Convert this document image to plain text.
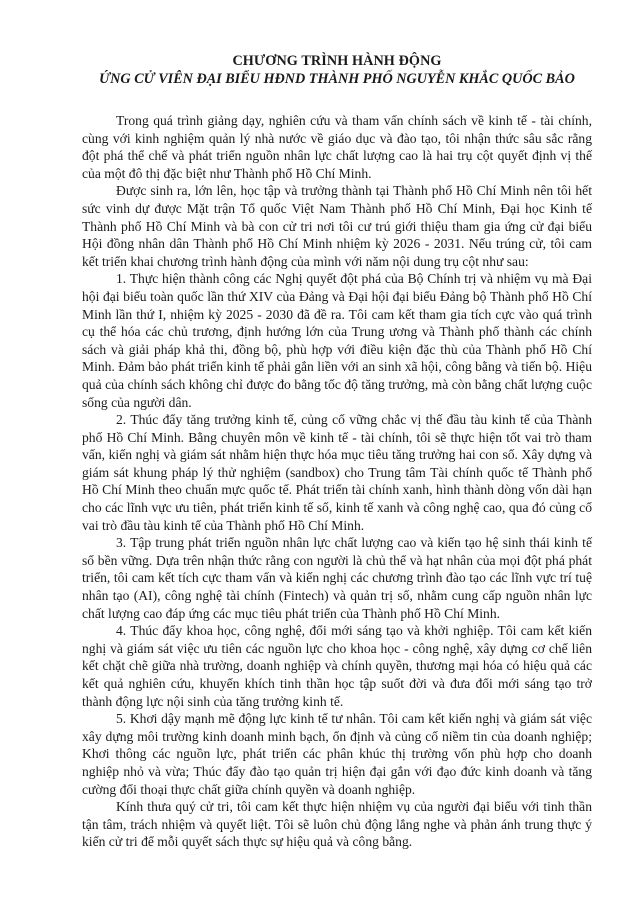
CHƯƠNG TRÌNH HÀNH ĐỘNG
ỨNG CỬ VIÊN ĐẠI BIỂU HĐND THÀNH PHỐ NGUYỄN KHẮC QUỐC BẢO

Trong quá trình giảng dạy, nghiên cứu và tham vấn chính sách về kinh tế - tài chính, cùng với kinh nghiệm quản lý nhà nước về giáo dục và đào tạo, tôi nhận thức sâu sắc rằng đột phá thể chế và phát triển nguồn nhân lực chất lượng cao là hai trụ cột quyết định vị thế của một đô thị đặc biệt như Thành phố Hồ Chí Minh.

Được sinh ra, lớn lên, học tập và trưởng thành tại Thành phố Hồ Chí Minh nên tôi hết sức vinh dự được Mặt trận Tổ quốc Việt Nam Thành phố Hồ Chí Minh, Đại học Kinh tế Thành phố Hồ Chí Minh và bà con cử tri nơi tôi cư trú giới thiệu tham gia ứng cử đại biểu Hội đồng nhân dân Thành phố Hồ Chí Minh nhiệm kỳ 2026 - 2031. Nếu trúng cử, tôi cam kết triển khai chương trình hành động của mình với năm nội dung trụ cột như sau:

1. Thực hiện thành công các Nghị quyết đột phá của Bộ Chính trị và nhiệm vụ mà Đại hội đại biểu toàn quốc lần thứ XIV của Đảng và Đại hội đại biểu Đảng bộ Thành phố Hồ Chí Minh lần thứ I, nhiệm kỳ 2025 - 2030 đã đề ra. Tôi cam kết tham gia tích cực vào quá trình cụ thể hóa các chủ trương, định hướng lớn của Trung ương và Thành phố thành các chính sách và giải pháp khả thi, đồng bộ, phù hợp với điều kiện đặc thù của Thành phố Hồ Chí Minh. Đảm bảo phát triển kinh tế phải gắn liền với an sinh xã hội, công bằng và tiến bộ. Hiệu quả của chính sách không chỉ được đo bằng tốc độ tăng trưởng, mà còn bằng chất lượng cuộc sống của người dân.

2. Thúc đẩy tăng trưởng kinh tế, củng cố vững chắc vị thế đầu tàu kinh tế của Thành phố Hồ Chí Minh. Bằng chuyên môn về kinh tế - tài chính, tôi sẽ thực hiện tốt vai trò tham vấn, kiến nghị và giám sát nhằm hiện thực hóa mục tiêu tăng trưởng hai con số. Xây dựng và giám sát khung pháp lý thử nghiệm (sandbox) cho Trung tâm Tài chính quốc tế Thành phố Hồ Chí Minh theo chuẩn mực quốc tế. Phát triển tài chính xanh, hình thành dòng vốn dài hạn cho các lĩnh vực ưu tiên, phát triển kinh tế số, kinh tế xanh và công nghệ cao, qua đó củng cố vai trò đầu tàu kinh tế của Thành phố Hồ Chí Minh.

3. Tập trung phát triển nguồn nhân lực chất lượng cao và kiến tạo hệ sinh thái kinh tế số bền vững. Dựa trên nhận thức rằng con người là chủ thể và hạt nhân của mọi đột phá phát triển, tôi cam kết tích cực tham vấn và kiến nghị các chương trình đào tạo các lĩnh vực trí tuệ nhân tạo (AI), công nghệ tài chính (Fintech) và quản trị số, nhằm cung cấp nguồn nhân lực chất lượng cao đáp ứng các mục tiêu phát triển của Thành phố Hồ Chí Minh.

4. Thúc đẩy khoa học, công nghệ, đổi mới sáng tạo và khởi nghiệp. Tôi cam kết kiến nghị và giám sát việc ưu tiên các nguồn lực cho khoa học - công nghệ, xây dựng cơ chế liên kết chặt chẽ giữa nhà trường, doanh nghiệp và chính quyền, thương mại hóa có hiệu quả các kết quả nghiên cứu, khuyến khích tinh thần học tập suốt đời và đưa đổi mới sáng tạo trở thành động lực nội sinh của tăng trưởng kinh tế.

5. Khơi dậy mạnh mẽ động lực kinh tế tư nhân. Tôi cam kết kiến nghị và giám sát việc xây dựng môi trường kinh doanh minh bạch, ổn định và củng cố niềm tin của doanh nghiệp; Khơi thông các nguồn lực, phát triển các phân khúc thị trường vốn phù hợp cho doanh nghiệp nhỏ và vừa; Thúc đẩy đào tạo quản trị hiện đại gắn với đạo đức kinh doanh và tăng cường đối thoại thực chất giữa chính quyền và doanh nghiệp.

Kính thưa quý cử tri, tôi cam kết thực hiện nhiệm vụ của người đại biểu với tinh thần tận tâm, trách nhiệm và quyết liệt. Tôi sẽ luôn chủ động lắng nghe và phản ánh trung thực ý kiến cử tri để mỗi quyết sách thực sự hiệu quả và công bằng.
